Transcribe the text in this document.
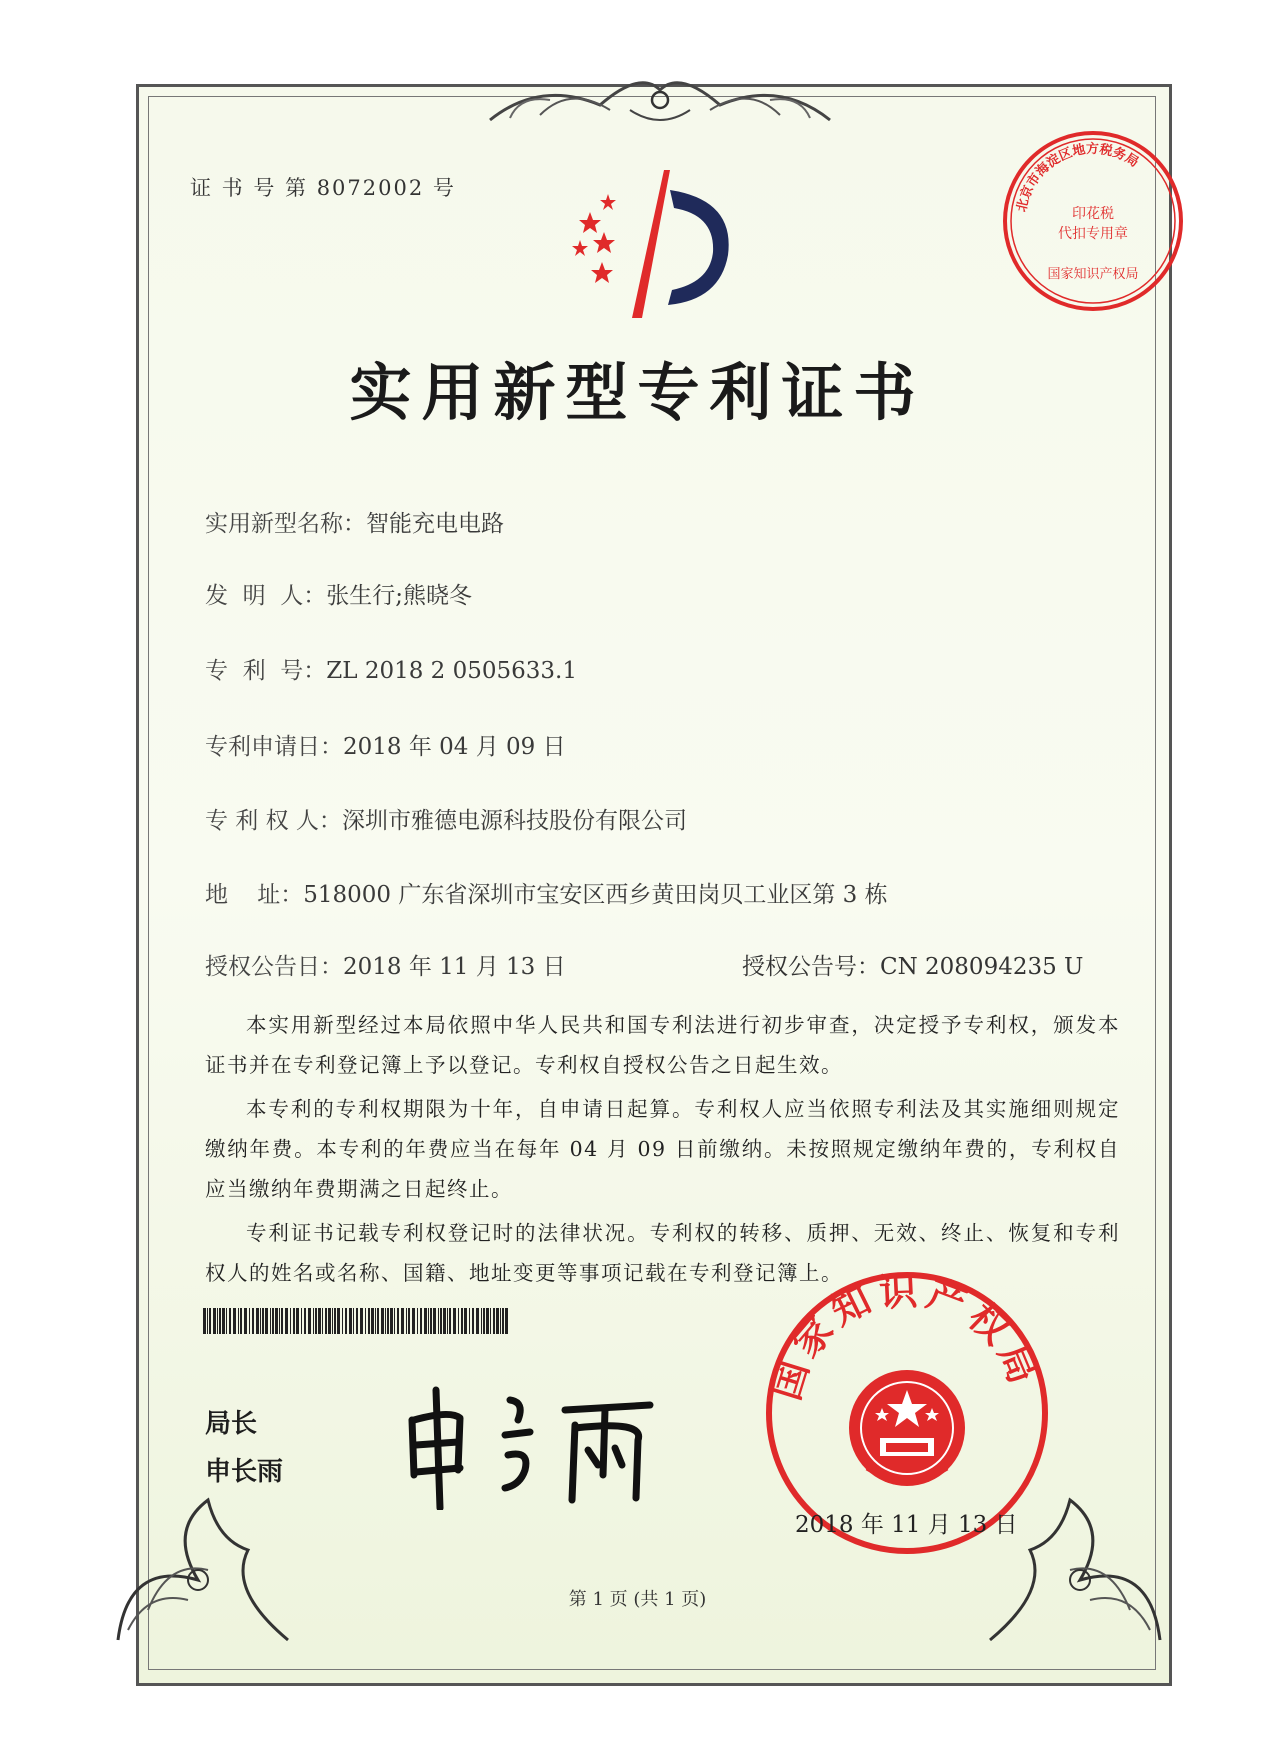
证 书 号 第 8072002 号
北京市海淀区地方税务局
印花税
代扣专用章
国家知识产权局
实用新型专利证书
实用新型名称：智能充电电路
发  明  人：张生行;熊晓冬
专  利  号：ZL 2018 2 0505633.1
专利申请日：2018 年 04 月 09 日
专 利 权 人：深圳市雅德电源科技股份有限公司
地    址：518000 广东省深圳市宝安区西乡黄田岗贝工业区第 3 栋
授权公告日：2018 年 11 月 13 日	授权公告号：CN 208094235 U

本实用新型经过本局依照中华人民共和国专利法进行初步审查，决定授予专利权，颁发本证书并在专利登记簿上予以登记。专利权自授权公告之日起生效。

本专利的专利权期限为十年，自申请日起算。专利权人应当依照专利法及其实施细则规定缴纳年费。本专利的年费应当在每年 04 月 09 日前缴纳。未按照规定缴纳年费的，专利权自应当缴纳年费期满之日起终止。

专利证书记载专利权登记时的法律状况。专利权的转移、质押、无效、终止、恢复和专利权人的姓名或名称、国籍、地址变更等事项记载在专利登记簿上。

局长
申长雨
国家知识产权局
2018 年 11 月 13 日
第 1 页 (共 1 页)
